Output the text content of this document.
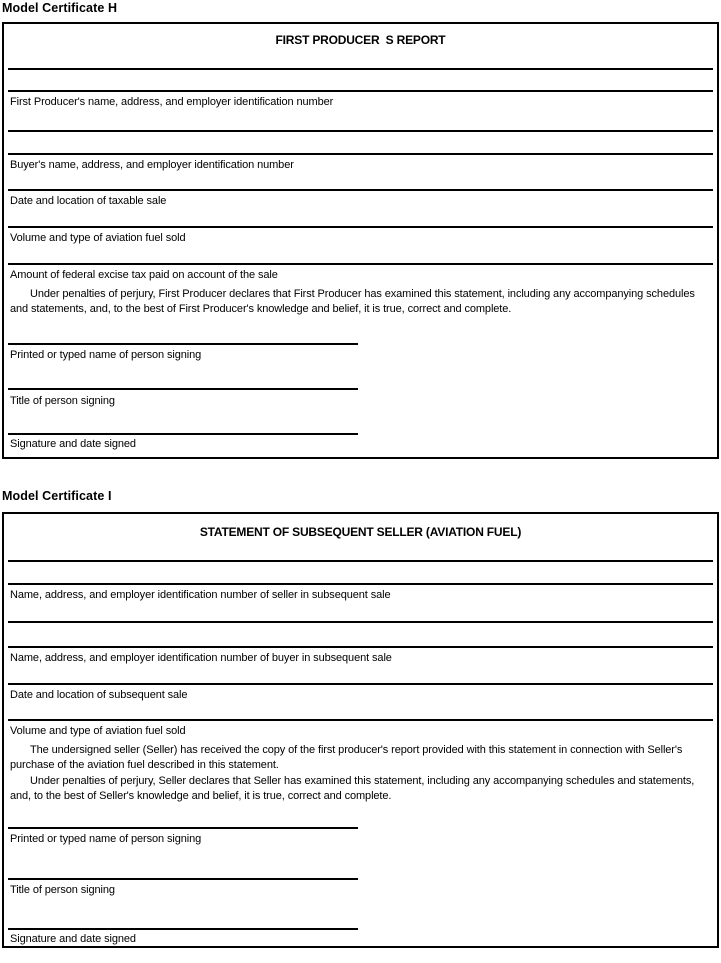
Model Certificate H
FIRST PRODUCER  S REPORT
First Producer's name, address, and employer identification number
Buyer's name, address, and employer identification number
Date and location of taxable sale
Volume and type of aviation fuel sold
Amount of federal excise tax paid on account of the sale
Under penalties of perjury, First Producer declares that First Producer has examined this statement, including any accompanying schedules and statements, and, to the best of First Producer's knowledge and belief, it is true, correct and complete.
Printed or typed name of person signing
Title of person signing
Signature and date signed
Model Certificate I
STATEMENT OF SUBSEQUENT SELLER (AVIATION FUEL)
Name, address, and employer identification number of seller in subsequent sale
Name, address, and employer identification number of buyer in subsequent sale
Date and location of subsequent sale
Volume and type of aviation fuel sold
The undersigned seller (Seller) has received the copy of the first producer's report provided with this statement in connection with Seller's purchase of the aviation fuel described in this statement.
Under penalties of perjury, Seller declares that Seller has examined this statement, including any accompanying schedules and statements, and, to the best of Seller's knowledge and belief, it is true, correct and complete.
Printed or typed name of person signing
Title of person signing
Signature and date signed
